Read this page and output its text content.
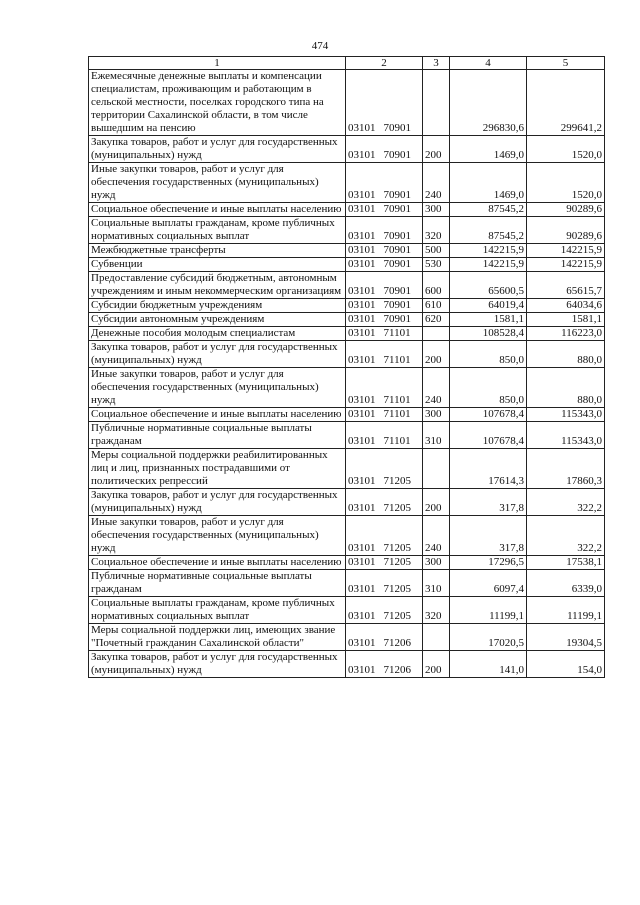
474
1	2	3	4	5
Ежемесячные денежные выплаты и компенсации специалистам, проживающим и работающим в сельской местности, поселках городского типа на территории Сахалинской области, в том числе вышедшим на пенсию	03101 70901		296830,6	299641,2
Закупка товаров, работ и услуг для государственных (муниципальных) нужд	03101 70901	200	1469,0	1520,0
Иные закупки товаров, работ и услуг для обеспечения государственных (муниципальных) нужд	03101 70901	240	1469,0	1520,0
Социальное обеспечение и иные выплаты населению	03101 70901	300	87545,2	90289,6
Социальные выплаты гражданам, кроме публичных нормативных социальных выплат	03101 70901	320	87545,2	90289,6
Межбюджетные трансферты	03101 70901	500	142215,9	142215,9
Субвенции	03101 70901	530	142215,9	142215,9
Предоставление субсидий бюджетным, автономным учреждениям и иным некоммерческим организациям	03101 70901	600	65600,5	65615,7
Субсидии бюджетным учреждениям	03101 70901	610	64019,4	64034,6
Субсидии автономным учреждениям	03101 70901	620	1581,1	1581,1
Денежные пособия молодым специалистам	03101 71101		108528,4	116223,0
Закупка товаров, работ и услуг для государственных (муниципальных) нужд	03101 71101	200	850,0	880,0
Иные закупки товаров, работ и услуг для обеспечения государственных (муниципальных) нужд	03101 71101	240	850,0	880,0
Социальное обеспечение и иные выплаты населению	03101 71101	300	107678,4	115343,0
Публичные нормативные социальные выплаты гражданам	03101 71101	310	107678,4	115343,0
Меры социальной поддержки реабилитированных лиц и лиц, признанных пострадавшими от политических репрессий	03101 71205		17614,3	17860,3
Закупка товаров, работ и услуг для государственных (муниципальных) нужд	03101 71205	200	317,8	322,2
Иные закупки товаров, работ и услуг для обеспечения государственных (муниципальных) нужд	03101 71205	240	317,8	322,2
Социальное обеспечение и иные выплаты населению	03101 71205	300	17296,5	17538,1
Публичные нормативные социальные выплаты гражданам	03101 71205	310	6097,4	6339,0
Социальные выплаты гражданам, кроме публичных нормативных социальных выплат	03101 71205	320	11199,1	11199,1
Меры социальной поддержки лиц, имеющих звание "Почетный гражданин Сахалинской области"	03101 71206		17020,5	19304,5
Закупка товаров, работ и услуг для государственных (муниципальных) нужд	03101 71206	200	141,0	154,0
